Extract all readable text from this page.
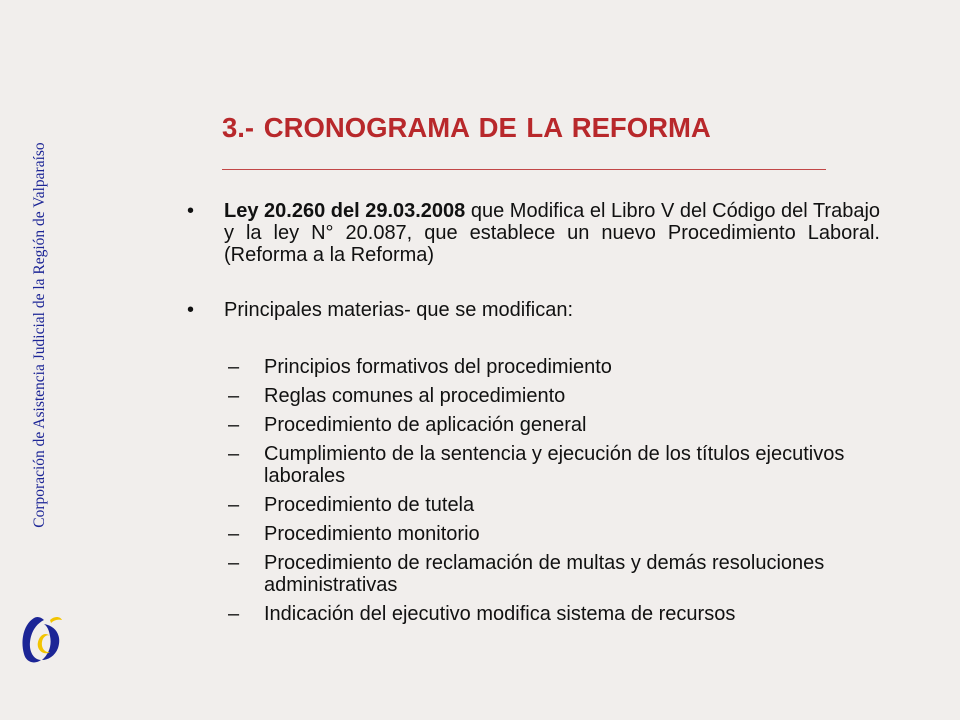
Corporación de Asistencia Judicial de la Región de Valparaíso
3.- CRONOGRAMA DE LA REFORMA
• Ley 20.260 del 29.03.2008 que Modifica el Libro V del Código del Trabajo y la ley N° 20.087, que establece un nuevo Procedimiento Laboral. (Reforma a la Reforma)
• Principales materias- que se modifican:
– Principios formativos del procedimiento
– Reglas comunes al procedimiento
– Procedimiento de aplicación general
– Cumplimiento de la sentencia y ejecución de los títulos ejecutivos laborales
– Procedimiento de tutela
– Procedimiento monitorio
– Procedimiento de reclamación de multas y demás resoluciones administrativas
– Indicación del ejecutivo modifica sistema de recursos
